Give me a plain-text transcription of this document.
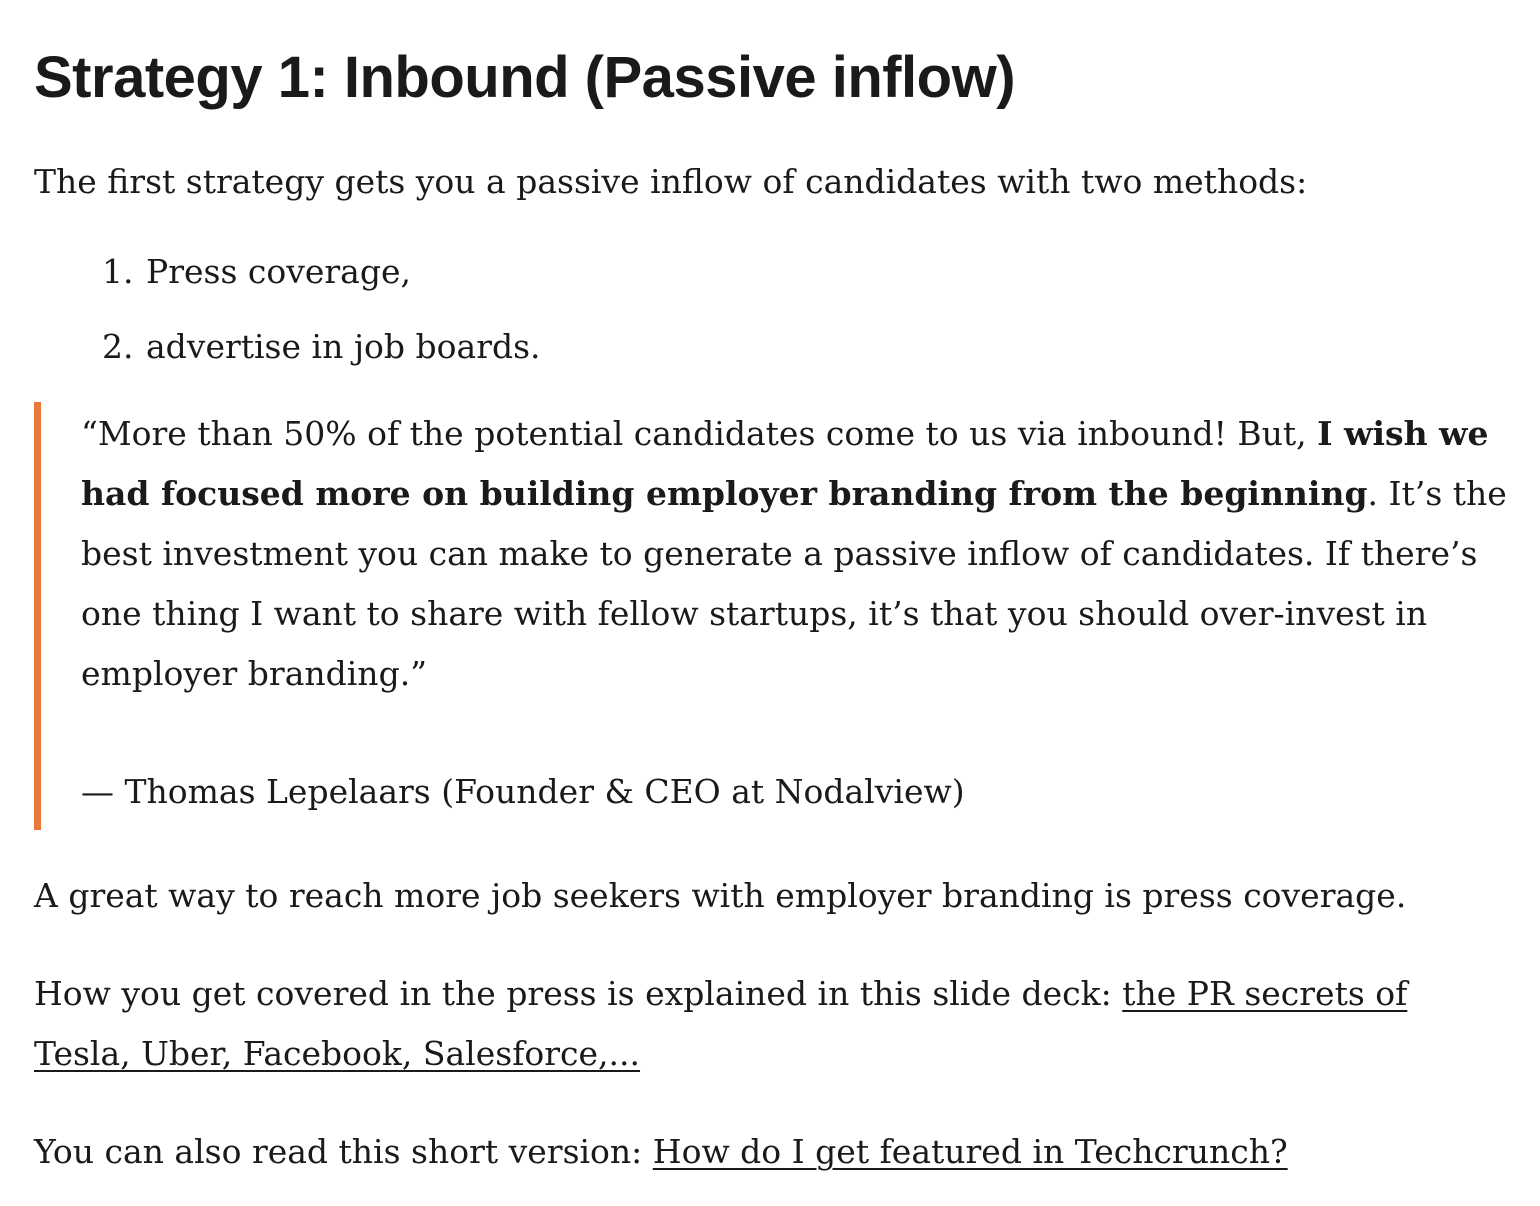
Strategy 1: Inbound (Passive inflow)

The first strategy gets you a passive inflow of candidates with two methods:

1. Press coverage,
2. advertise in job boards.

“More than 50% of the potential candidates come to us via inbound! But, I wish we had focused more on building employer branding from the beginning. It’s the best investment you can make to generate a passive inflow of candidates. If there’s one thing I want to share with fellow startups, it’s that you should over-invest in employer branding.”

— Thomas Lepelaars (Founder & CEO at Nodalview)

A great way to reach more job seekers with employer branding is press coverage.

How you get covered in the press is explained in this slide deck: the PR secrets of Tesla, Uber, Facebook, Salesforce,...

You can also read this short version: How do I get featured in Techcrunch?
